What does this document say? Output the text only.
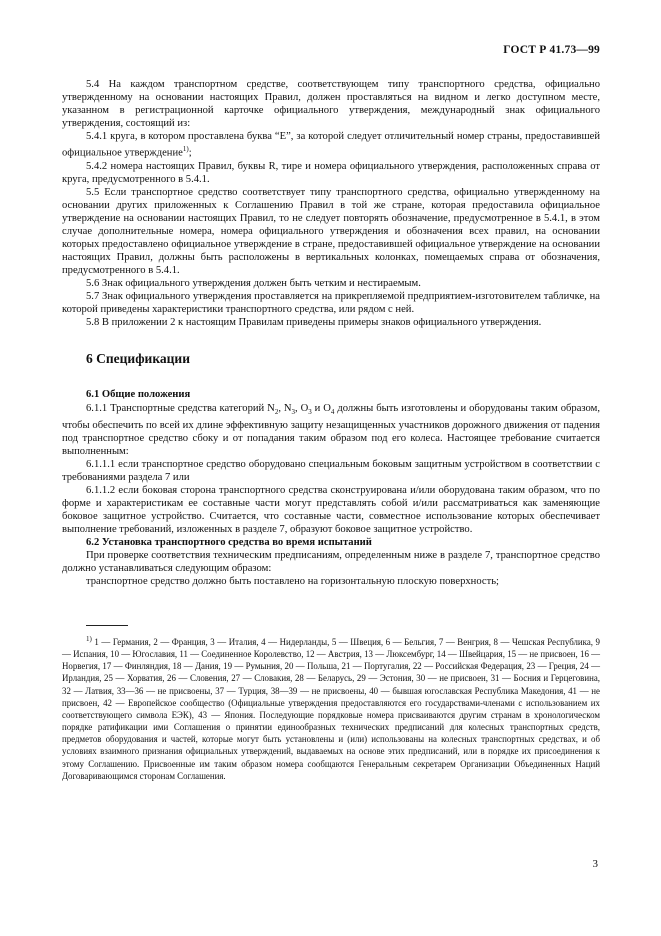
ГОСТ Р 41.73—99

5.4 На каждом транспортном средстве, соответствующем типу транспортного средства, официально утвержденному на основании настоящих Правил, должен проставляться на видном и легко доступном месте, указанном в регистрационной карточке официального утверждения, международный знак официального утверждения, состоящий из:

5.4.1 круга, в котором проставлена буква “E”, за которой следует отличительный номер страны, предоставившей официальное утверждение$^{1)}$;

5.4.2 номера настоящих Правил, буквы R, тире и номера официального утверждения, расположенных справа от круга, предусмотренного в 5.4.1.

5.5 Если транспортное средство соответствует типу транспортного средства, официально утвержденному на основании других приложенных к Соглашению Правил в той же стране, которая предоставила официальное утверждение на основании настоящих Правил, то не следует повторять обозначение, предусмотренное в 5.4.1, в этом случае дополнительные номера, номера официального утверждения и обозначения всех правил, на основании которых предоставлено официальное утверждение в стране, предоставившей официальное утверждение на основании настоящих Правил, должны быть расположены в вертикальных колонках, помещаемых справа от обозначения, предусмотренного в 5.4.1.

5.6 Знак официального утверждения должен быть четким и нестираемым.

5.7 Знак официального утверждения проставляется на прикрепляемой предприятием-изготовителем табличке, на которой приведены характеристики транспортного средства, или рядом с ней.

5.8 В приложении 2 к настоящим Правилам приведены примеры знаков официального утверждения.

6 Спецификации

6.1 Общие положения

6.1.1 Транспортные средства категорий $N_2$, $N_3$, $O_3$ и $O_4$ должны быть изготовлены и оборудованы таким образом, чтобы обеспечить по всей их длине эффективную защиту незащищенных участников дорожного движения от падения под транспортное средство сбоку и от попадания таким образом под его колеса. Настоящее требование считается выполненным:

6.1.1.1 если транспортное средство оборудовано специальным боковым защитным устройством в соответствии с требованиями раздела 7 или

6.1.1.2 если боковая сторона транспортного средства сконструирована и/или оборудована таким образом, что по форме и характеристикам ее составные части могут представлять собой и/или рассматриваться как заменяющие боковое защитное устройство. Считается, что составные части, совместное использование которых обеспечивает выполнение требований, изложенных в разделе 7, образуют боковое защитное устройство.

6.2 Установка транспортного средства во время испытаний

При проверке соответствия техническим предписаниям, определенным ниже в разделе 7, транспортное средство должно устанавливаться следующим образом:

транспортное средство должно быть поставлено на горизонтальную плоскую поверхность;

$^{1)}$ 1 — Германия, 2 — Франция, 3 — Италия, 4 — Нидерланды, 5 — Швеция, 6 — Бельгия, 7 — Венгрия, 8 — Чешская Республика, 9 — Испания, 10 — Югославия, 11 — Соединенное Королевство, 12 — Австрия, 13 — Люксембург, 14 — Швейцария, 15 — не присвоен, 16 — Норвегия, 17 — Финляндия, 18 — Дания, 19 — Румыния, 20 — Польша, 21 — Португалия, 22 — Российская Федерация, 23 — Греция, 24 — Ирландия, 25 — Хорватия, 26 — Словения, 27 — Словакия, 28 — Беларусь, 29 — Эстония, 30 — не присвоен, 31 — Босния и Герцеговина, 32 — Латвия, 33—36 — не присвоены, 37 — Турция, 38—39 — не присвоены, 40 — бывшая югославская Республика Македония, 41 — не присвоен, 42 — Европейское сообщество (Официальные утверждения предоставляются его государствами-членами с использованием их соответствующего символа ЕЭК), 43 — Япония. Последующие порядковые номера присваиваются другим странам в хронологическом порядке ратификации ими Соглашения о принятии единообразных технических предписаний для колесных транспортных средств, предметов оборудования и частей, которые могут быть установлены и (или) использованы на колесных транспортных средствах, и об условиях взаимного признания официальных утверждений, выдаваемых на основе этих предписаний, или в порядке их присоединения к этому Соглашению. Присвоенные им таким образом номера сообщаются Генеральным секретарем Организации Объединенных Наций Договаривающимся сторонам Соглашения.

3
